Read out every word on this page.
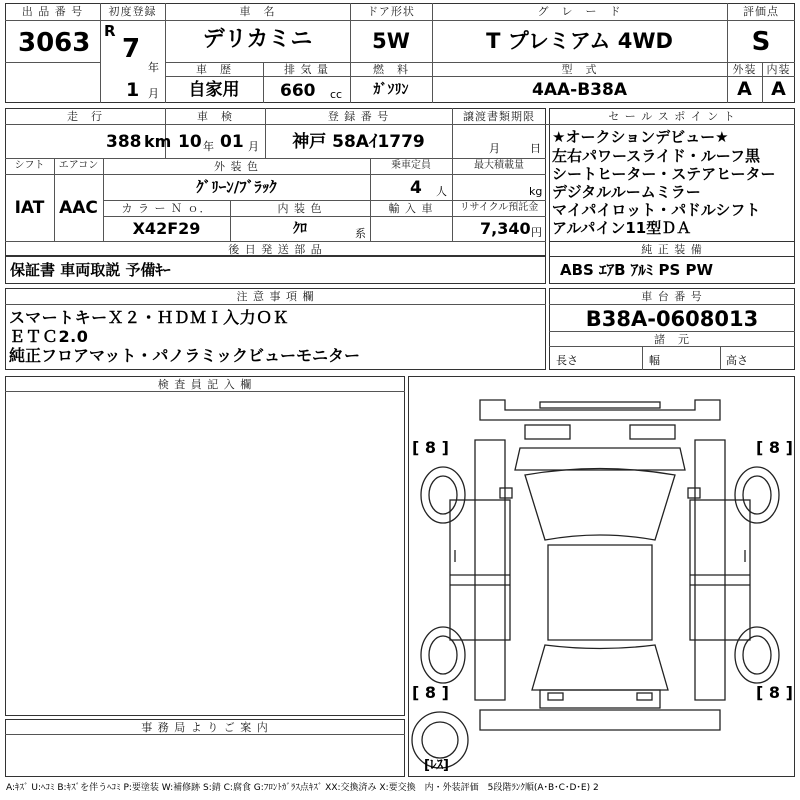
出 品 番 号
3063
初度登録
R
7
年
1 月
車　名
デリカミニ
ドア形状
5W
グ　レ　ー　ド
T プレミアム 4WD
評価点
S
車　歴
自家用
排 気 量
660 cc
燃　料
ｶﾞｿﾘﾝ
型　式
4AA-B38A
外装
A
内装
A
走　行
388 km
車　検
10 年 01 月
登 録 番 号
神戸 58Aｲ1779
譲渡書類期限
月	日
セ ー ル ス ポ イ ン ト
★オークションデビュー★
左右パワースライド・ルーフ黒
シートヒーター・ステアヒーター
デジタルルームミラー
マイパイロット・パドルシフト
アルパイン11型ＤＡ
シフト
IAT
エアコン
AAC
外 装 色
ｸﾞﾘｰﾝ/ﾌﾞﾗｯｸ
乗車定員
4 人
最大積載量
kg
カ ラ ー Ｎ ｏ．
X42F29
内 装 色
ｸﾛ	系
輸 入 車	リサイクル預託金
7,340 円
後 日 発 送 部 品
保証書 車両取説 予備ｷｰ
純 正 装 備
ABS ｴｱB ｱﾙﾐ PS PW
注 意 事 項 欄
スマートキーＸ２・ＨＤＭＩ入力ＯＫ
ＥＴＣ2.0
純正フロアマット・パノラミックビューモニター
車 台 番 号
B38A-0608013
諸　元
長さ	幅	高さ
検 査 員 記 入 欄
事 務 局 よ り ご 案 内
[ 8 ]	[ 8 ]
[ 8 ]	[ 8 ]
[ﾚｽ]
A:ｷｽﾞ U:ﾍｺﾐ B:ｷｽﾞを伴うﾍｺﾐ P:要塗装 W:補修跡 S:錆 C:腐食 G:ﾌﾛﾝﾄｶﾞﾗｽ点ｷｽﾞ XX:交換済み X:要交換　内・外装評価　5段階ﾗﾝｸ順(A･B･C･D･E) 2
